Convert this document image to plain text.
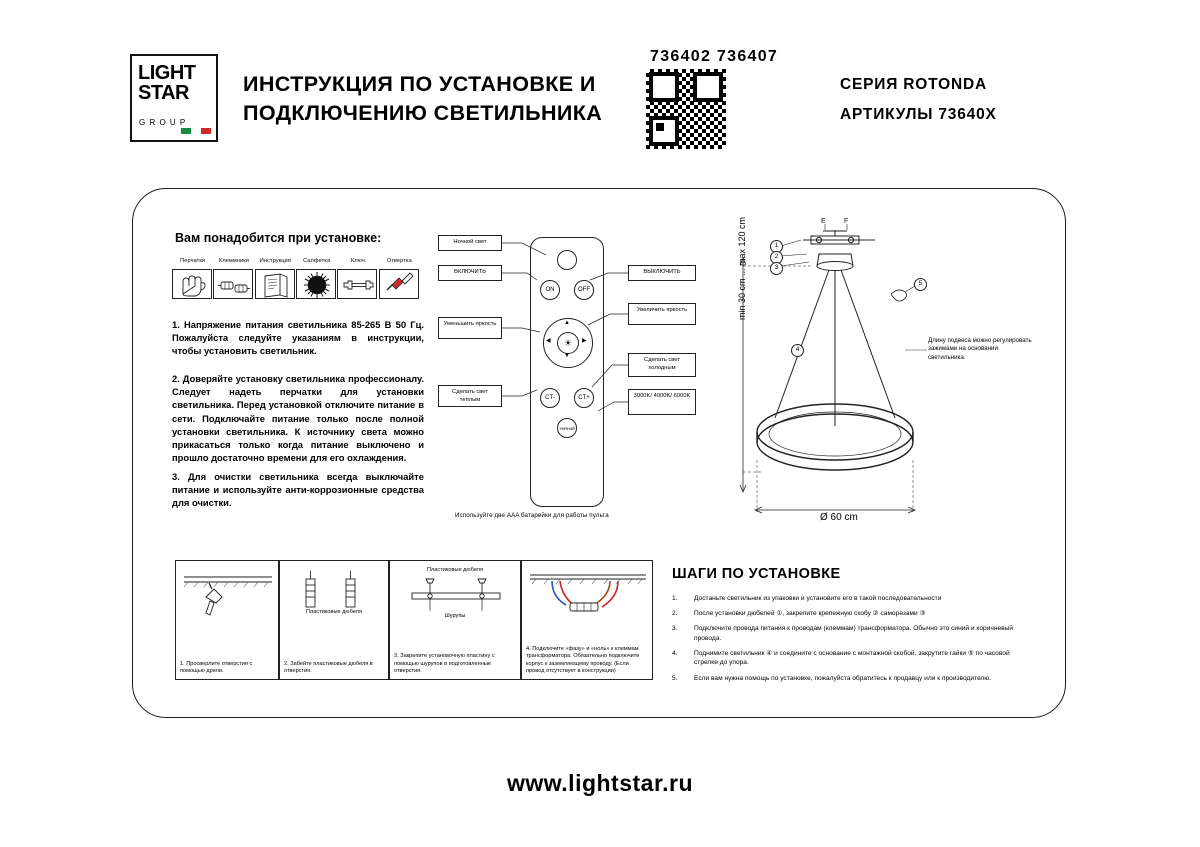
LIGHT
STAR
G R O U P
ИНСТРУКЦИЯ ПО УСТАНОВКЕ И
ПОДКЛЮЧЕНИЮ СВЕТИЛЬНИКА
736402 736407
СЕРИЯ ROTONDA
АРТИКУЛЫ 73640X
Вам понадобится при установке:
Перчатки	Клеммники	Инструкция	Салфетка	Ключ	Отвертка
1. Напряжение питания светильника 85-265 В 50 Гц. Пожалуйста следуйте указаниям в инструкции, чтобы установить светильник.
2. Доверяйте установку светильника профессионалу. Следует надеть перчатки для установки светильника. Перед установкой отключите питание в сети. Подключайте питание только после полной установки светильника. К источнику света можно прикасаться только когда питание выключено и прошло достаточно времени для его охлаждения.
3. Для очистки светильника всегда выключайте питание и используйте анти-коррозионные средства для очистки.
ON	OFF
☀
▲
▼
◀	▶
CT-	CT+
Ночной
Ночной свет
ВКЛЮЧИТЬ
Уменьшить яркость
Сделать свет теплым
ВЫКЛЮЧИТЬ
Увеличить яркость
Сделать свет холодным
3000K/ 4000K/ 6000K
Используйте две AAA батарейки для работы пульта
E	F
1
2
3
4
5
min 30 cm ... max 120 cm
Ø 60 cm
Длину подвеса можно регулировать зажимами на основании светильника.
1. Просверлите отверстия с помощью дрели.
Пластиковые дюбеля
2. Забейте пластиковые дюбеля в отверстия.
Пластиковые дюбеля
Шурупы
3. Закрепите установочную пластину с помощью шурупов в подготовленные отверстия.
4. Подключите «фазу» и «ноль» к клеммам трансформатора. Обязательно подключите корпус к заземляющему проводу. (Если провод отсутствует в конструкции)
ШАГИ ПО УСТАНОВКЕ
1.	Достаньте светильник из упаковки и установите его в такой последовательности
2.	После установки дюбелей ①, закрепите крепежную скобу ② саморезами ③
3.	Подключите провода питания к проводам (клеммам) трансформатора. Обычно это синий и коричневый провода.
4.	Поднимите светильник ④ и соедините с основание с монтажной скобой, закрутите гайки ⑤ по часовой стрелке до упора.
5.	Если вам нужна помощь по установке, пожалуйста обратитесь к продавцу или к производителю.
www.lightstar.ru
